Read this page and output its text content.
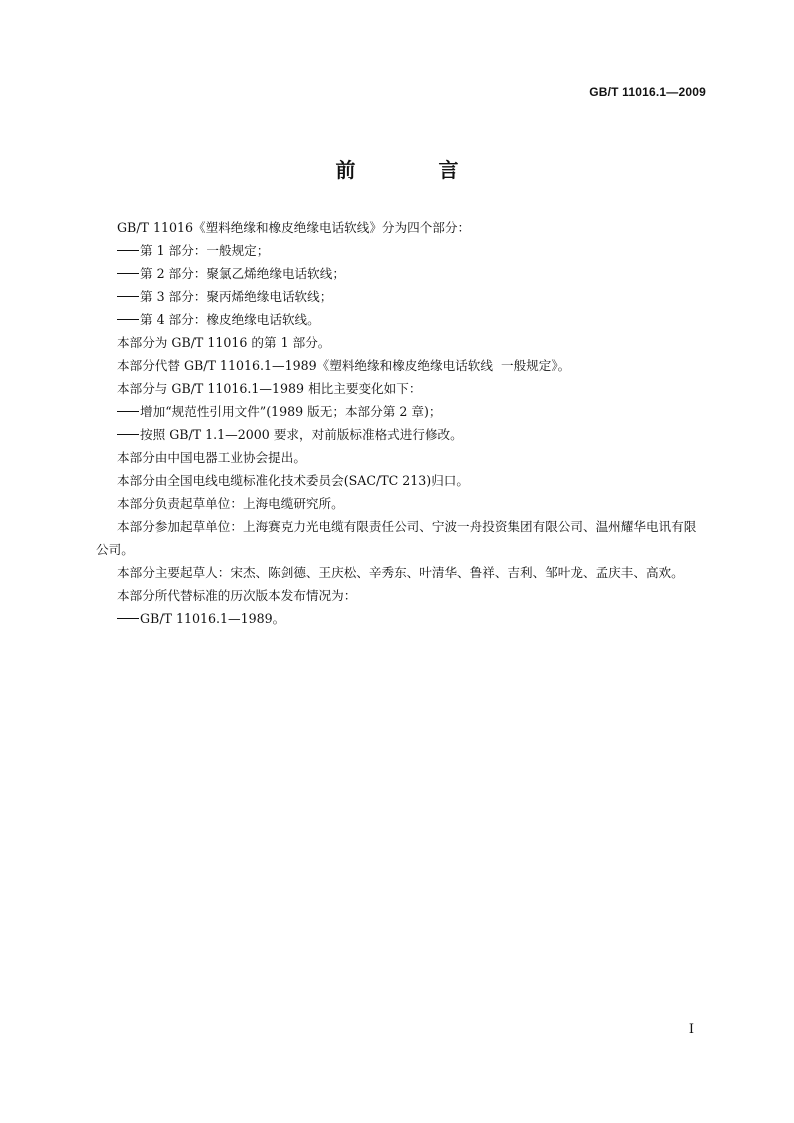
GB/T 11016.1—2009
前 言

GB/T 11016《塑料绝缘和橡皮绝缘电话软线》分为四个部分：

第 1 部分：一般规定；

第 2 部分：聚氯乙烯绝缘电话软线；

第 3 部分：聚丙烯绝缘电话软线；

第 4 部分：橡皮绝缘电话软线。

本部分为 GB/T 11016 的第 1 部分。

本部分代替 GB/T 11016.1—1989《塑料绝缘和橡皮绝缘电话软线  一般规定》。

本部分与 GB/T 11016.1—1989 相比主要变化如下：

增加“规范性引用文件”(1989 版无；本部分第 2 章)；

按照 GB/T 1.1—2000 要求，对前版标准格式进行修改。

本部分由中国电器工业协会提出。

本部分由全国电线电缆标准化技术委员会(SAC/TC 213)归口。

本部分负责起草单位：上海电缆研究所。

本部分参加起草单位：上海赛克力光电缆有限责任公司、宁波一舟投资集团有限公司、温州耀华电讯有限公司。

本部分主要起草人：宋杰、陈剑德、王庆松、辛秀东、叶清华、鲁祥、吉利、邹叶龙、孟庆丰、高欢。

本部分所代替标准的历次版本发布情况为：

GB/T 11016.1—1989。

I
